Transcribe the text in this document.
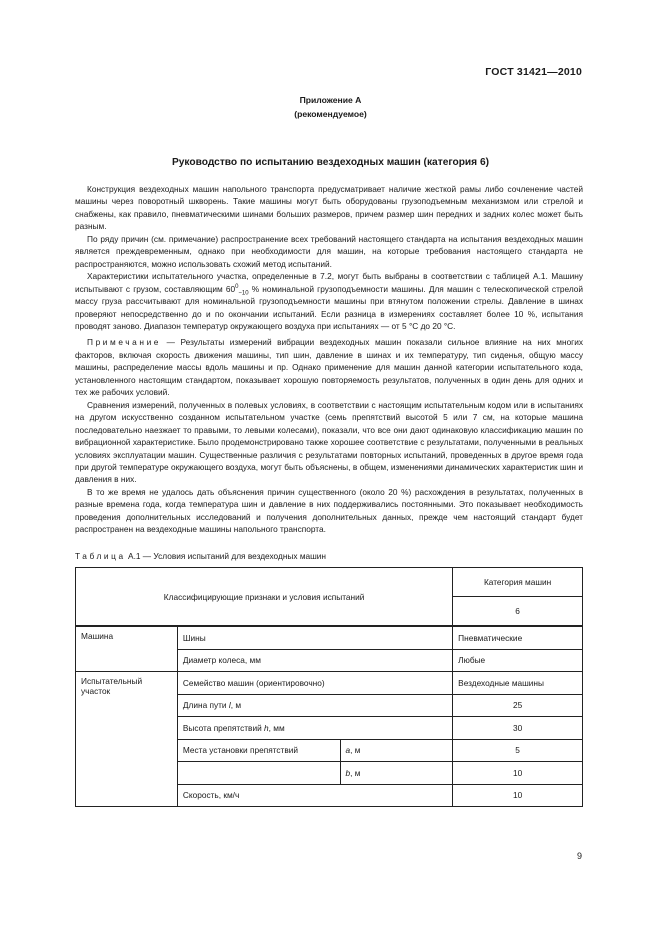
ГОСТ 31421—2010
Приложение А
(рекомендуемое)
Руководство по испытанию вездеходных машин (категория 6)

Конструкция вездеходных машин напольного транспорта предусматривает наличие жесткой рамы либо сочленение частей машины через поворотный шкворень. Такие машины могут быть оборудованы грузоподъемным механизмом или стрелой и снабжены, как правило, пневматическими шинами больших размеров, причем размер шин передних и задних колес может быть разным.

По ряду причин (см. примечание) распространение всех требований настоящего стандарта на испытания вездеходных машин является преждевременным, однако при необходимости для машин, на которые требования настоящего стандарта не распространяются, можно использовать схожий метод испытаний.

Характеристики испытательного участка, определенные в 7.2, могут быть выбраны в соответствии с таблицей А.1. Машину испытывают с грузом, составляющим $60^0_{-10}$ % номинальной грузоподъемности машины. Для машин с телескопической стрелой массу груза рассчитывают для номинальной грузоподъемности машины при втянутом положении стрелы. Давление в шинах проверяют непосредственно до и по окончании испытаний. Если разница в измерениях составляет более 10 %, испытания проводят заново. Диапазон температур окружающего воздуха при испытаниях — от 5 °С до 20 °С.

Примечание — Результаты измерений вибрации вездеходных машин показали сильное влияние на них многих факторов, включая скорость движения машины, тип шин, давление в шинах и их температуру, тип сиденья, общую массу машины, распределение массы вдоль машины и пр. Однако применение для машин данной категории испытательного кода, установленного настоящим стандартом, показывает хорошую повторяемость результатов, полученных в один день для одних и тех же рабочих условий.

Сравнения измерений, полученных в полевых условиях, в соответствии с настоящим испытательным кодом или в испытаниях на другом искусственно созданном испытательном участке (семь препятствий высотой 5 или 7 см, на которые машина последовательно наезжает то правыми, то левыми колесами), показали, что все они дают одинаковую классификацию машин по вибрационной характеристике. Было продемонстрировано также хорошее соответствие с результатами, полученными в реальных условиях эксплуатации машин. Существенные различия с результатами повторных испытаний, проведенных в другое время года при другой температуре окружающего воздуха, могут быть объяснены, в общем, изменениями динамических характеристик шин и давления в них.

В то же время не удалось дать объяснения причин существенного (около 20 %) расхождения в результатах, полученных в разные времена года, когда температура шин и давление в них поддерживались постоянными. Это показывает необходимость проведения дополнительных исследований и получения дополнительных данных, прежде чем настоящий стандарт будет распространен на вездеходные машины напольного транспорта.

Таблица А.1 — Условия испытаний для вездеходных машин
Классифицирующие признаки и условия испытаний			Категория машин
			6
Машина	Шины		Пневматические
	Диаметр колеса, мм		Любые
Испытательный участок	Семейство машин (ориентировочно)		Вездеходные машины
	Длина пути l, м		25
	Высота препятствий h, мм		30
	Места установки препятствий	a, м	5
		b, м	10
	Скорость, км/ч		10
9
